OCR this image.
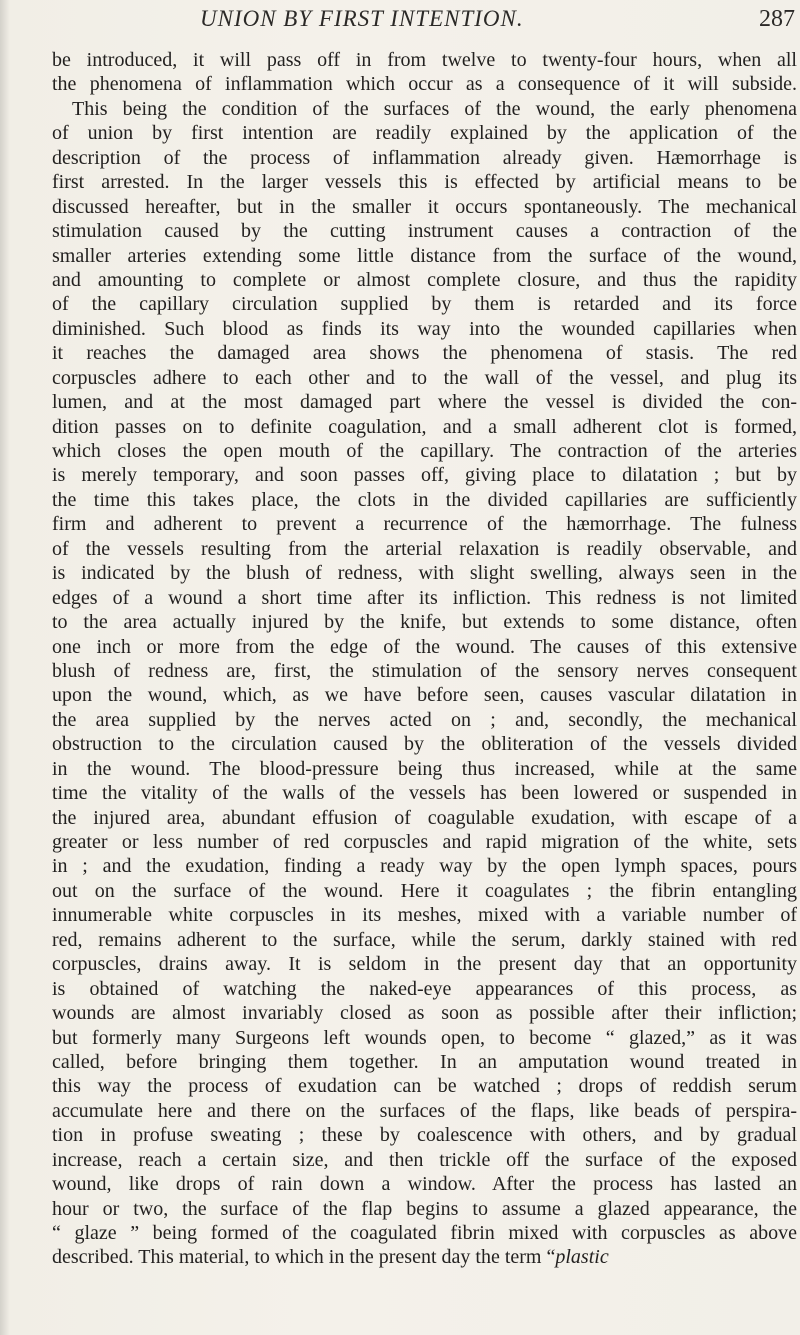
UNION BY FIRST INTENTION.	287
be introduced, it will pass off in from twelve to twenty-four hours, when all
the phenomena of inflammation which occur as a consequence of it will subside.
This being the condition of the surfaces of the wound, the early phenomena
of union by first intention are readily explained by the application of the
description of the process of inflammation already given. Hæmorrhage is
first arrested. In the larger vessels this is effected by artificial means to be
discussed hereafter, but in the smaller it occurs spontaneously. The mechanical
stimulation caused by the cutting instrument causes a contraction of the
smaller arteries extending some little distance from the surface of the wound,
and amounting to complete or almost complete closure, and thus the rapidity
of the capillary circulation supplied by them is retarded and its force
diminished. Such blood as finds its way into the wounded capillaries when
it reaches the damaged area shows the phenomena of stasis. The red
corpuscles adhere to each other and to the wall of the vessel, and plug its
lumen, and at the most damaged part where the vessel is divided the con-
dition passes on to definite coagulation, and a small adherent clot is formed,
which closes the open mouth of the capillary. The contraction of the arteries
is merely temporary, and soon passes off, giving place to dilatation ; but by
the time this takes place, the clots in the divided capillaries are sufficiently
firm and adherent to prevent a recurrence of the hæmorrhage. The fulness
of the vessels resulting from the arterial relaxation is readily observable, and
is indicated by the blush of redness, with slight swelling, always seen in the
edges of a wound a short time after its infliction. This redness is not limited
to the area actually injured by the knife, but extends to some distance, often
one inch or more from the edge of the wound. The causes of this extensive
blush of redness are, first, the stimulation of the sensory nerves consequent
upon the wound, which, as we have before seen, causes vascular dilatation in
the area supplied by the nerves acted on ; and, secondly, the mechanical
obstruction to the circulation caused by the obliteration of the vessels divided
in the wound. The blood-pressure being thus increased, while at the same
time the vitality of the walls of the vessels has been lowered or suspended in
the injured area, abundant effusion of coagulable exudation, with escape of a
greater or less number of red corpuscles and rapid migration of the white, sets
in ; and the exudation, finding a ready way by the open lymph spaces, pours
out on the surface of the wound. Here it coagulates ; the fibrin entangling
innumerable white corpuscles in its meshes, mixed with a variable number of
red, remains adherent to the surface, while the serum, darkly stained with red
corpuscles, drains away. It is seldom in the present day that an opportunity
is obtained of watching the naked-eye appearances of this process, as
wounds are almost invariably closed as soon as possible after their infliction;
but formerly many Surgeons left wounds open, to become “ glazed,” as it was
called, before bringing them together. In an amputation wound treated in
this way the process of exudation can be watched ; drops of reddish serum
accumulate here and there on the surfaces of the flaps, like beads of perspira-
tion in profuse sweating ; these by coalescence with others, and by gradual
increase, reach a certain size, and then trickle off the surface of the exposed
wound, like drops of rain down a window. After the process has lasted an
hour or two, the surface of the flap begins to assume a glazed appearance, the
“ glaze ” being formed of the coagulated fibrin mixed with corpuscles as above
described. This material, to which in the present day the term “plastic
